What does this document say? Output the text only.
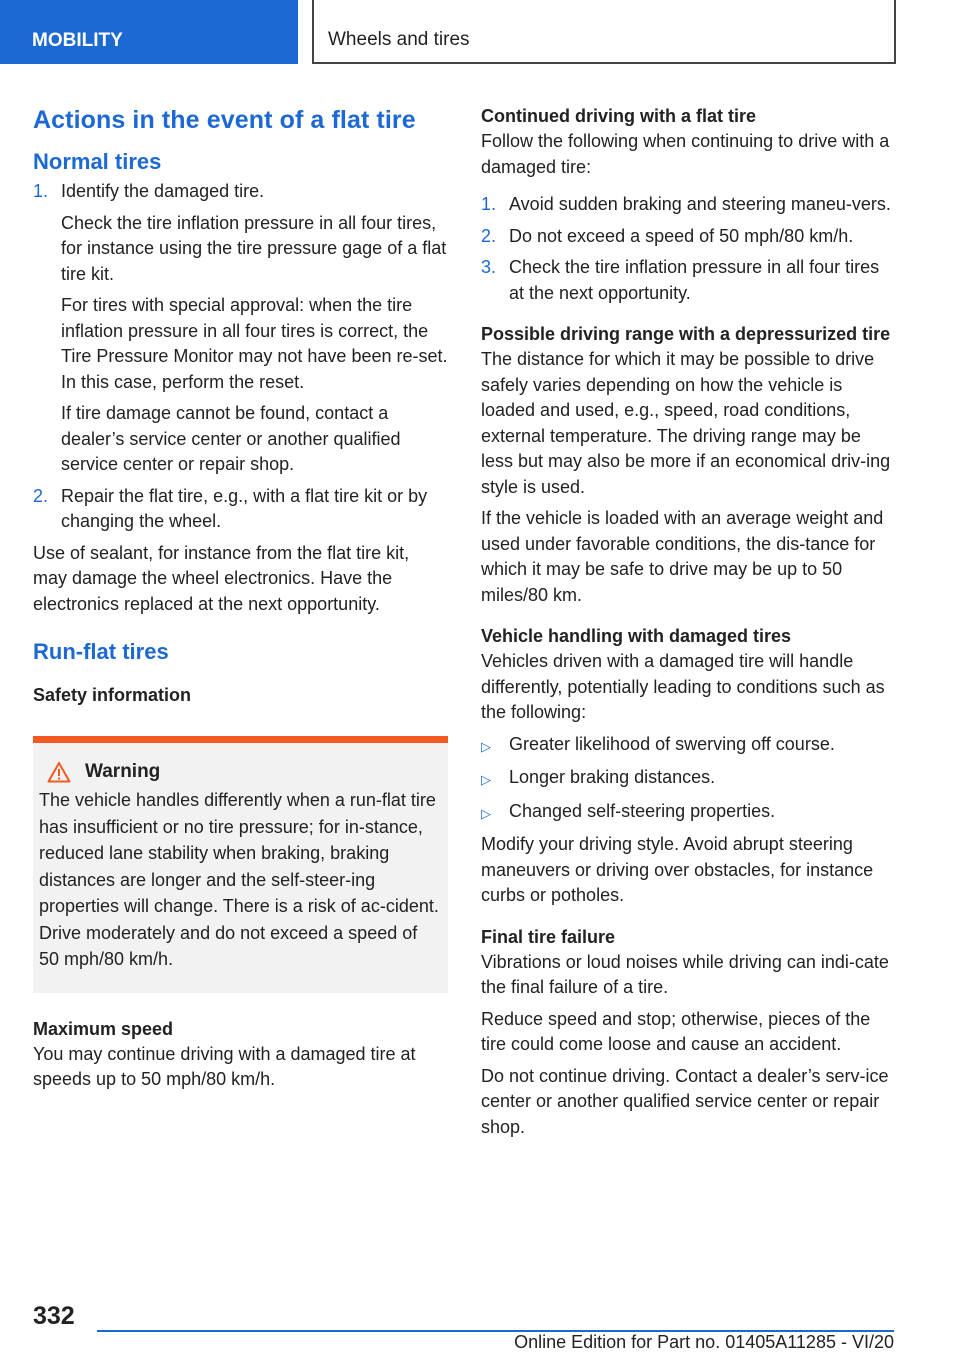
MOBILITY	Wheels and tires
Actions in the event of a flat tire
Normal tires
1. Identify the damaged tire.
Check the tire inflation pressure in all four tires, for instance using the tire pressure gage of a flat tire kit.
For tires with special approval: when the tire inflation pressure in all four tires is correct, the Tire Pressure Monitor may not have been re‐set. In this case, perform the reset.
If tire damage cannot be found, contact a dealer’s service center or another qualified service center or repair shop.
2. Repair the flat tire, e.g., with a flat tire kit or by changing the wheel.

Use of sealant, for instance from the flat tire kit, may damage the wheel electronics. Have the electronics replaced at the next opportunity.

Run-flat tires
Safety information
Warning
The vehicle handles differently when a run-flat tire has insufficient or no tire pressure; for in‐stance, reduced lane stability when braking, braking distances are longer and the self-steer‐ing properties will change. There is a risk of ac‐cident. Drive moderately and do not exceed a speed of 50 mph/80 km/h.
Maximum speed

You may continue driving with a damaged tire at speeds up to 50 mph/80 km/h.

Continued driving with a flat tire

Follow the following when continuing to drive with a damaged tire:

1. Avoid sudden braking and steering maneu‐vers.
2. Do not exceed a speed of 50 mph/80 km/h.
3. Check the tire inflation pressure in all four tires at the next opportunity.
Possible driving range with a depressurized tire

The distance for which it may be possible to drive safely varies depending on how the vehicle is loaded and used, e.g., speed, road conditions, external temperature. The driving range may be less but may also be more if an economical driv‐ing style is used.

If the vehicle is loaded with an average weight and used under favorable conditions, the dis‐tance for which it may be safe to drive may be up to 50 miles/80 km.

Vehicle handling with damaged tires

Vehicles driven with a damaged tire will handle differently, potentially leading to conditions such as the following:

▷	Greater likelihood of swerving off course.
▷	Longer braking distances.
▷	Changed self-steering properties.

Modify your driving style. Avoid abrupt steering maneuvers or driving over obstacles, for instance curbs or potholes.

Final tire failure

Vibrations or loud noises while driving can indi‐cate the final failure of a tire.

Reduce speed and stop; otherwise, pieces of the tire could come loose and cause an accident.

Do not continue driving. Contact a dealer’s serv‐ice center or another qualified service center or repair shop.

332
Online Edition for Part no. 01405A11285 - VI/20
